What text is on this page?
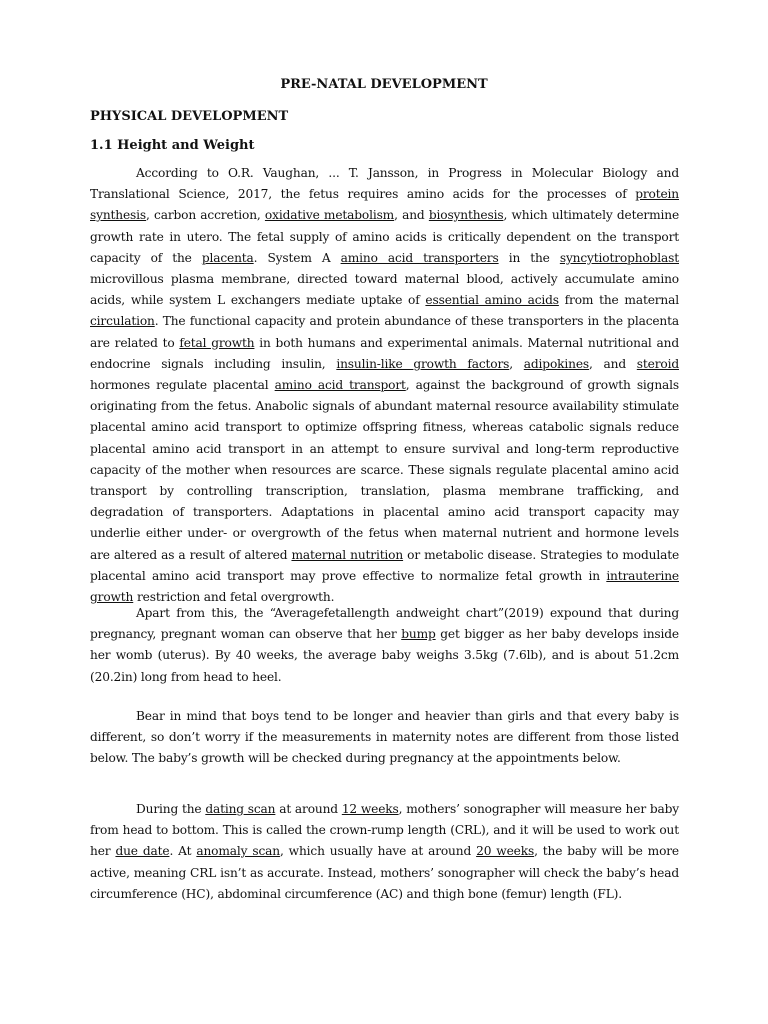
PRE-NATAL DEVELOPMENT
PHYSICAL DEVELOPMENT
1.1 Height and Weight
According to O.R. Vaughan, ... T. Jansson, in Progress in Molecular Biology and Translational Science, 2017, the fetus requires amino acids for the processes of protein synthesis, carbon accretion, oxidative metabolism, and biosynthesis, which ultimately determine growth rate in utero. The fetal supply of amino acids is critically dependent on the transport capacity of the placenta. System A amino acid transporters in the syncytiotrophoblast microvillous plasma membrane, directed toward maternal blood, actively accumulate amino acids, while system L exchangers mediate uptake of essential amino acids from the maternal circulation. The functional capacity and protein abundance of these transporters in the placenta are related to fetal growth in both humans and experimental animals. Maternal nutritional and endocrine signals including insulin, insulin-like growth factors, adipokines, and steroid hormones regulate placental amino acid transport, against the background of growth signals originating from the fetus. Anabolic signals of abundant maternal resource availability stimulate placental amino acid transport to optimize offspring fitness, whereas catabolic signals reduce placental amino acid transport in an attempt to ensure survival and long-term reproductive capacity of the mother when resources are scarce. These signals regulate placental amino acid transport by controlling transcription, translation, plasma membrane trafficking, and degradation of transporters. Adaptations in placental amino acid transport capacity may underlie either under- or overgrowth of the fetus when maternal nutrient and hormone levels are altered as a result of altered maternal nutrition or metabolic disease. Strategies to modulate placental amino acid transport may prove effective to normalize fetal growth in intrauterine growth restriction and fetal overgrowth.
Apart from this, the “Averagefetallength andweight chart”(2019) expound that during pregnancy, pregnant woman can observe that her bump get bigger as her baby develops inside her womb (uterus). By 40 weeks, the average baby weighs 3.5kg (7.6lb), and is about 51.2cm (20.2in) long from head to heel.
Bear in mind that boys tend to be longer and heavier than girls and that every baby is different, so don’t worry if the measurements in maternity notes are different from those listed below. The baby’s growth will be checked during pregnancy at the appointments below.
During the dating scan at around 12 weeks, mothers’ sonographer will measure her baby from head to bottom. This is called the crown-rump length (CRL), and it will be used to work out her due date. At anomaly scan, which usually have at around 20 weeks, the baby will be more active, meaning CRL isn’t as accurate. Instead, mothers’ sonographer will check the baby’s head circumference (HC), abdominal circumference (AC) and thigh bone (femur) length (FL).
